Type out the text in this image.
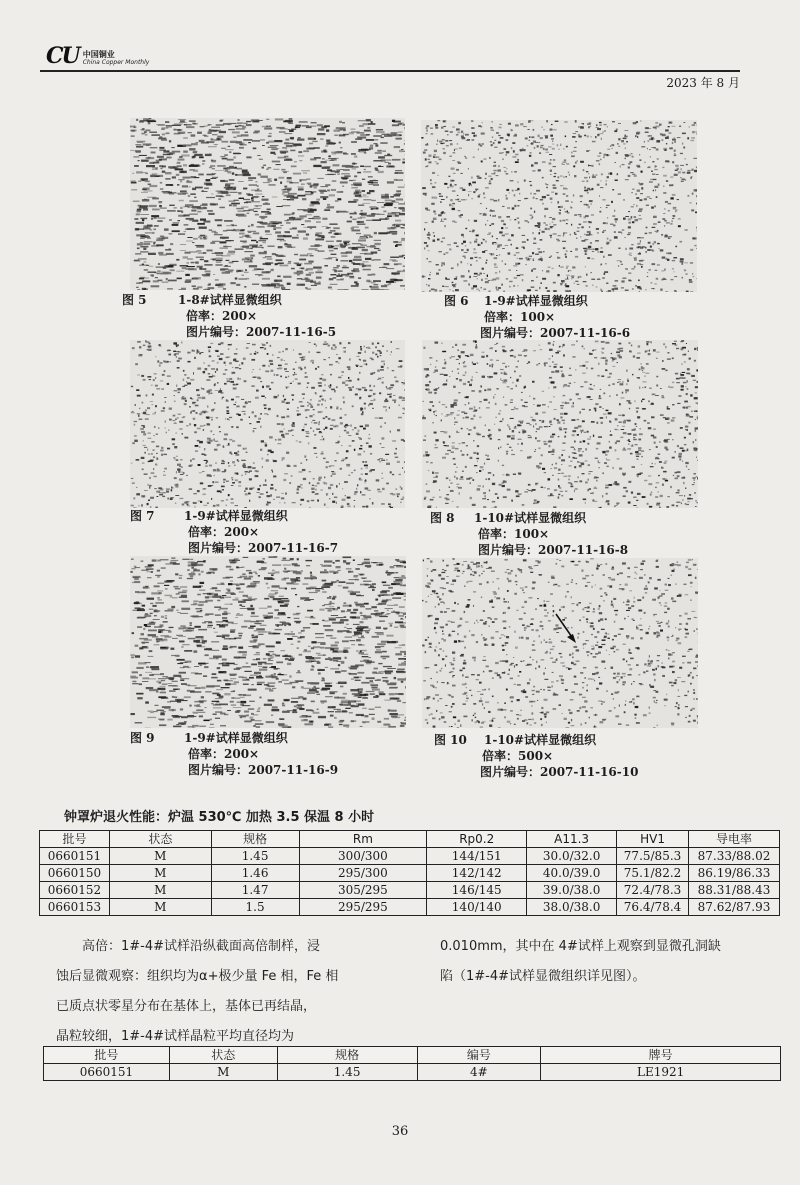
CU 中国铜业
China Copper Monthly
2023 年 8 月
图 5	1-8#试样显微组织
倍率：200×
图片编号：2007-11-16-5
图 6 1-9#试样显微组织
倍率：100×
图片编号：2007-11-16-6
图 7 1-9#试样显微组织
倍率：200×
图片编号：2007-11-16-7
图 8 1-10#试样显微组织
倍率：100×
图片编号：2007-11-16-8
图 9 1-9#试样显微组织
倍率：200×
图片编号：2007-11-16-9
图 10 1-10#试样显微组织
倍率：500×
图片编号：2007-11-16-10
钟罩炉退火性能：炉温 530℃ 加热 3.5 保温 8 小时
批号	状态	规格	Rm	Rp0.2	A11.3	HV1	导电率
0660151	M	1.45	300/300	144/151	30.0/32.0	77.5/85.3	87.33/88.02
0660150	M	1.46	295/300	142/142	40.0/39.0	75.1/82.2	86.19/86.33
0660152	M	1.47	305/295	146/145	39.0/38.0	72.4/78.3	88.31/88.43
0660153	M	1.5	295/295	140/140	38.0/38.0	76.4/78.4	87.62/87.93
高倍：1#-4#试样沿纵截面高倍制样，浸
蚀后显微观察：组织均为α+极少量 Fe 相，Fe 相
已质点状零星分布在基体上，基体已再结晶，
晶粒较细，1#-4#试样晶粒平均直径均为
0.010mm，其中在 4#试样上观察到显微孔洞缺
陷（1#-4#试样显微组织详见图）。
批号	状态	规格	编号	牌号
0660151	M	1.45	4#	LE1921
36
